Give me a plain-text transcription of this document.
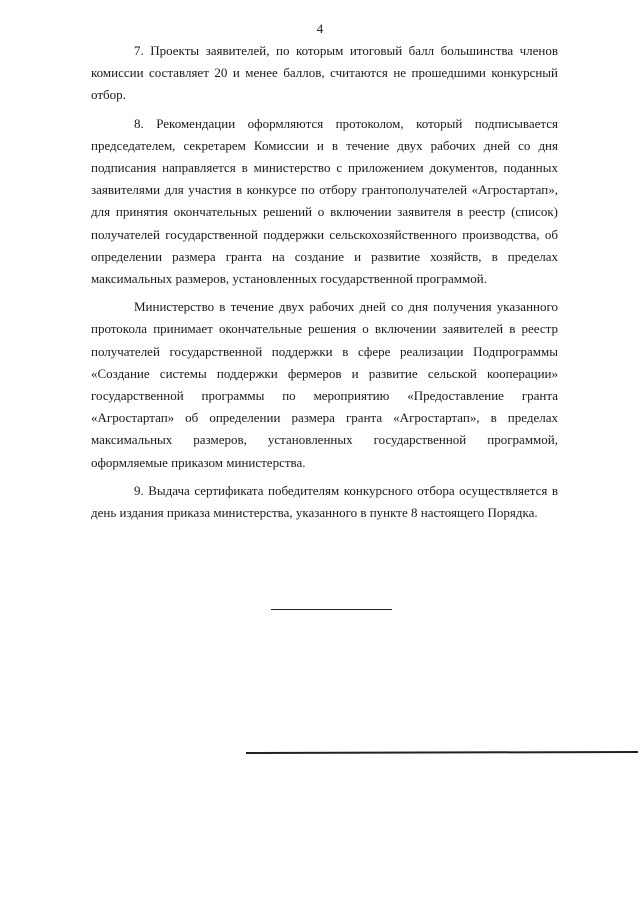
4

7. Проекты заявителей, по которым итоговый балл большинства членов комиссии составляет 20 и менее баллов, считаются не прошедшими конкурсный отбор.

8. Рекомендации оформляются протоколом, который подписывается председателем, секретарем Комиссии и в течение двух рабочих дней со дня подписания направляется в министерство с приложением документов, поданных заявителями для участия в конкурсе по отбору грантополучателей «Агростартап», для принятия окончательных решений о включении заявителя в реестр (список) получателей государственной поддержки сельскохозяйственного производства, об определении размера гранта на создание и развитие хозяйств, в пределах максимальных размеров, установленных государственной программой.

Министерство в течение двух рабочих дней со дня получения указанного протокола принимает окончательные решения о включении заявителей в реестр получателей государственной поддержки в сфере реализации Подпрограммы «Создание системы поддержки фермеров и развитие сельской кооперации» государственной программы по мероприятию «Предоставление гранта «Агростартап» об определении размера гранта «Агростартап», в пределах максимальных размеров, установленных государственной программой, оформляемые приказом министерства.

9. Выдача сертификата победителям конкурсного отбора осуществляется в день издания приказа министерства, указанного в пункте 8 настоящего Порядка.
